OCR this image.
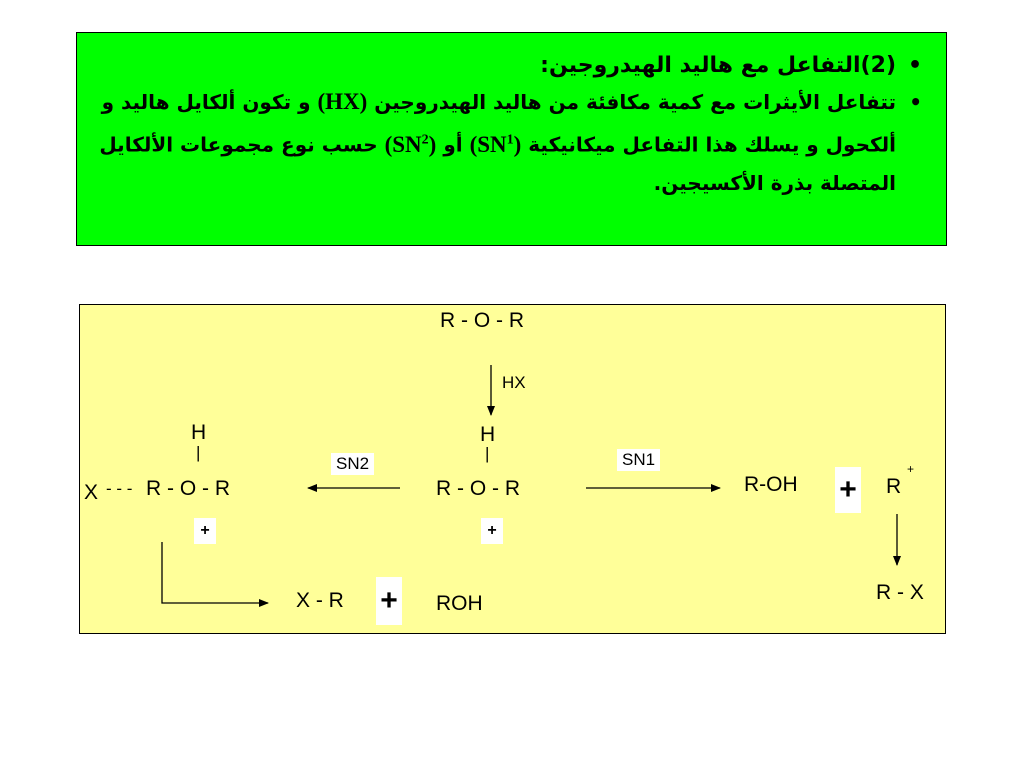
•
(2)التفاعل مع هاليد الهيدروجين:
•
تتفاعل الأيثرات مع كمية مكافئة من هاليد الهيدروجين (HX) و تكون ألكايل هاليد و ألكحول و يسلك هذا التفاعل ميكانيكية $(SN^1)$ أو $(SN^2)$ حسب نوع مجموعات الألكايل المتصلة بذرة الأكسيجين.
R - O - R
HX
H
|
R - O - R
+
SN2	SN1
H
|
R - O - R
X - - -
+
X - R + ROH
R-OH + R
+
R - X
